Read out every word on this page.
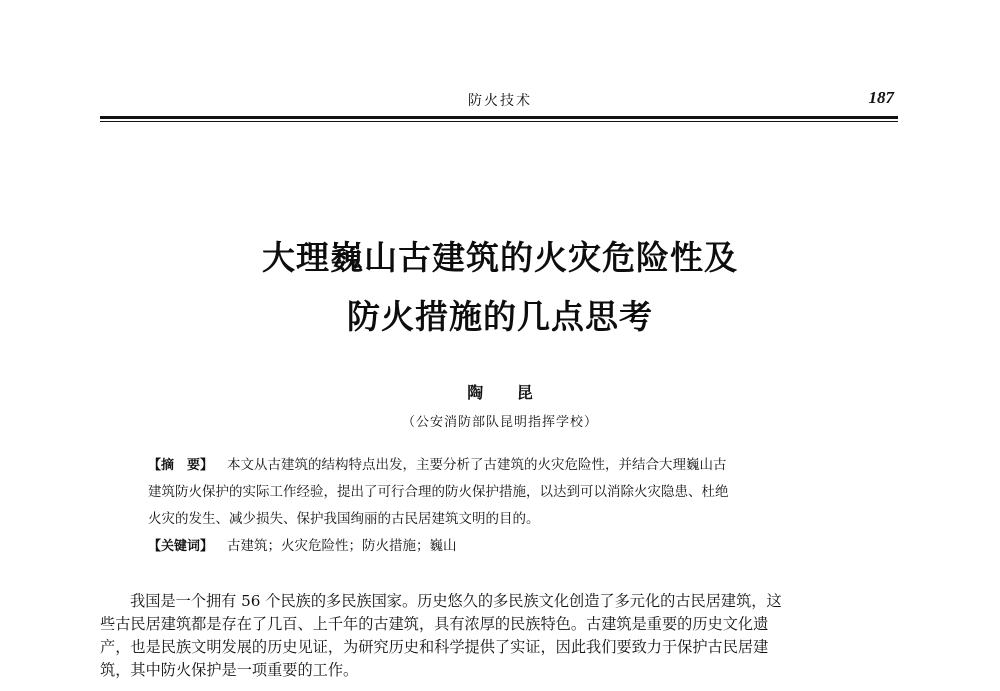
防火技术	187
大理巍山古建筑的火灾危险性及
防火措施的几点思考
陶 昆
（公安消防部队昆明指挥学校）
【摘　要】 本文从古建筑的结构特点出发，主要分析了古建筑的火灾危险性，并结合大理巍山古
建筑防火保护的实际工作经验，提出了可行合理的防火保护措施，以达到可以消除火灾隐患、杜绝
火灾的发生、减少损失、保护我国绚丽的古民居建筑文明的目的。
【关键词】 古建筑；火灾危险性；防火措施；巍山
我国是一个拥有 56 个民族的多民族国家。历史悠久的多民族文化创造了多元化的古民居建筑，这
些古民居建筑都是存在了几百、上千年的古建筑，具有浓厚的民族特色。古建筑是重要的历史文化遗
产，也是民族文明发展的历史见证，为研究历史和科学提供了实证，因此我们要致力于保护古民居建
筑，其中防火保护是一项重要的工作。
